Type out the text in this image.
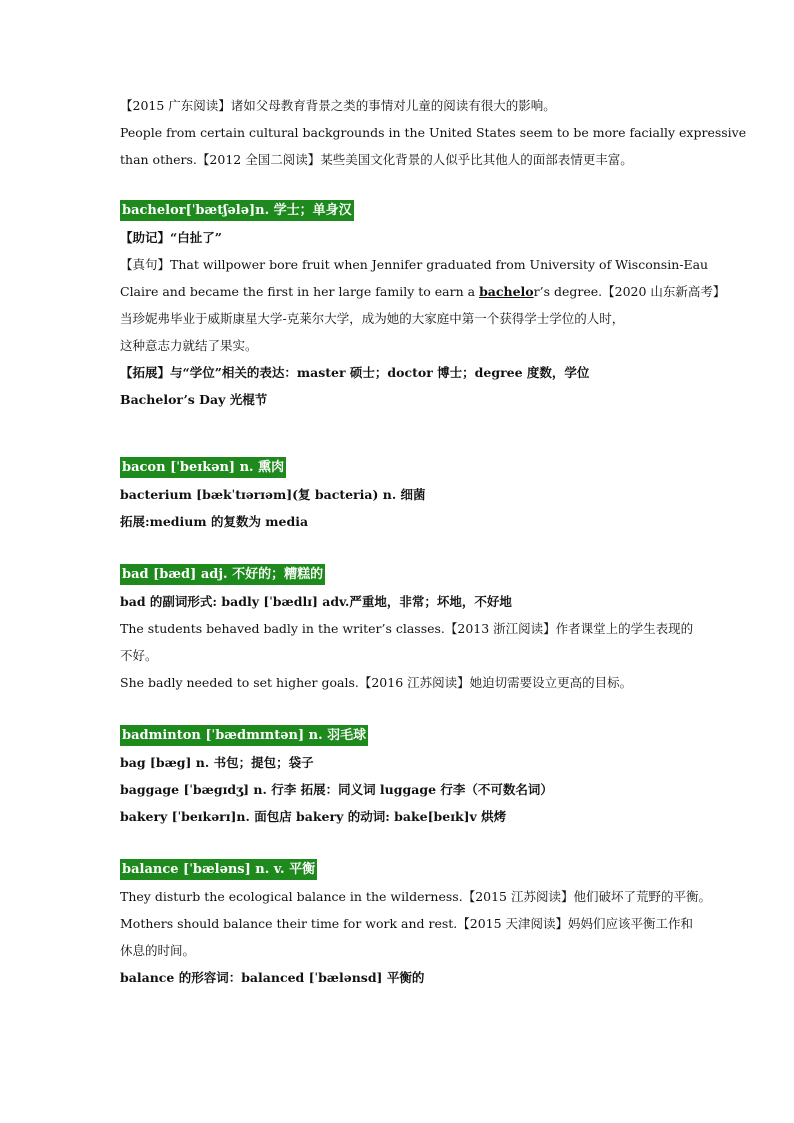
【2015 广东阅读】诸如父母教育背景之类的事情对儿童的阅读有很大的影响。
People from certain cultural backgrounds in the United States seem to be more facially expressive
than others.【2012 全国二阅读】某些美国文化背景的人似乎比其他人的面部表情更丰富。
bachelor[ˈbætʃələ]n. 学士；单身汉
【助记】“白扯了”
【真句】That willpower bore fruit when Jennifer graduated from University of Wisconsin-Eau
Claire and became the first in her large family to earn a bachelor’s degree.【2020 山东新高考】
当珍妮弗毕业于威斯康星大学-克莱尔大学，成为她的大家庭中第一个获得学士学位的人时，
这种意志力就结了果实。
【拓展】与“学位”相关的表达：master 硕士；doctor 博士；degree 度数，学位
Bachelor’s Day 光棍节
bacon [ˈbeɪkən] n. 熏肉
bacterium [bækˈtɪərɪəm](复 bacteria) n. 细菌
拓展:medium 的复数为 media
bad [bæd] adj. 不好的；糟糕的
bad 的副词形式: badly [ˈbædlɪ] adv.严重地，非常；坏地，不好地
The students behaved badly in the writer’s classes.【2013 浙江阅读】作者课堂上的学生表现的
不好。
She badly needed to set higher goals.【2016 江苏阅读】她迫切需要设立更高的目标。
badminton [ˈbædmɪntən] n. 羽毛球
bag [bæg] n. 书包；提包；袋子
baggage [ˈbægɪdʒ] n. 行李 拓展：同义词 luggage 行李（不可数名词）
bakery [ˈbeɪkərɪ]n. 面包店 bakery 的动词: bake[beɪk]v 烘烤
balance [ˈbæləns] n. v. 平衡
They disturb the ecological balance in the wilderness.【2015 江苏阅读】他们破坏了荒野的平衡。
Mothers should balance their time for work and rest.【2015 天津阅读】妈妈们应该平衡工作和
休息的时间。
balance 的形容词：balanced [ˈbælənsd] 平衡的
